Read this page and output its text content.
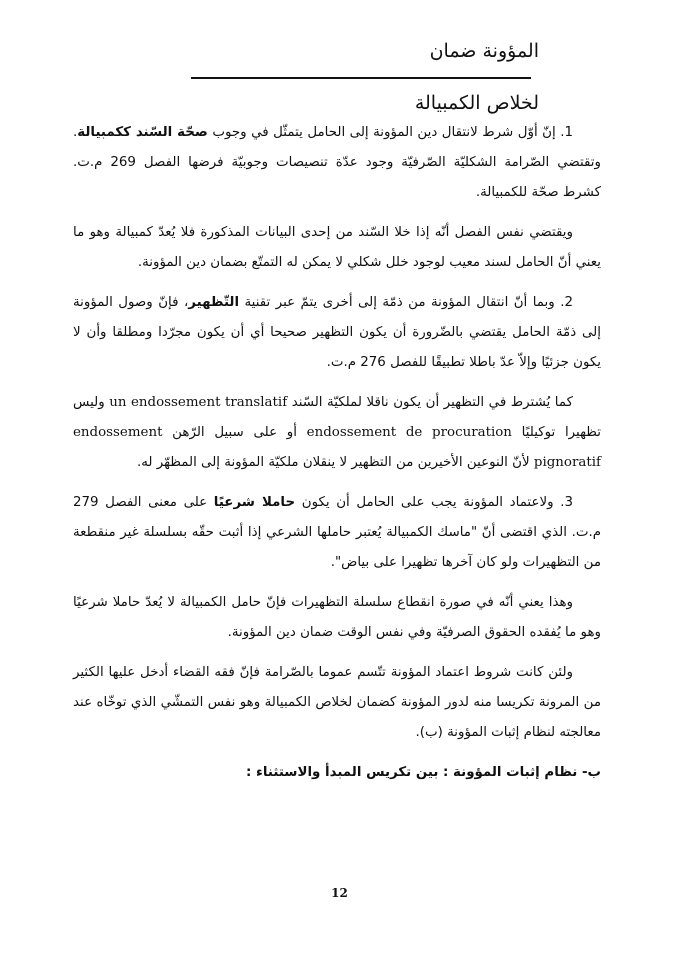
المؤونة ضمان
لخلاص الكمبيالة

1. إنّ أوّل شرط لانتقال دين المؤونة إلى الحامل يتمثّل في وجوب صحّة السّند ككمبيالة. وتقتضي الصّرامة الشكليّة الصّرفيّة وجود عدّة تنصيصات وجوبيّة فرضها الفصل 269 م.ت. كشرط صحّة للكمبيالة.

ويقتضي نفس الفصل أنّه إذا خلا السّند من إحدى البيانات المذكورة فلا يُعدّ كمبيالة وهو ما يعني أنّ الحامل لسند معيب لوجود خلل شكلي لا يمكن له التمتّع بضمان دين المؤونة.

2. وبما أنّ انتقال المؤونة من ذمّة إلى أخرى يتمّ عبر تقنية التّظهير، فإنّ وصول المؤونة إلى ذمّة الحامل يقتضي بالضّرورة أن يكون التظهير صحيحا أي أن يكون مجرّدا ومطلقا وأن لا يكون جزئيًا وإلاّ عدّ باطلا تطبيقًا للفصل 276 م.ت.

كما يُشترط في التظهير أن يكون ناقلا لملكيّة السّند un endossement translatif وليس تظهيرا توكيليًا endossement de procuration أو على سبيل الرّهن endossement pignoratif لأنّ النوعين الأخيرين من التظهير لا ينقلان ملكيّة المؤونة إلى المظهّر له.

3. ولاعتماد المؤونة يجب على الحامل أن يكون حاملا شرعيًا على معنى الفصل 279 م.ت. الذي اقتضى أنّ "ماسك الكمبيالة يُعتبر حاملها الشرعي إذا أثبت حقّه بسلسلة غير منقطعة من التظهيرات ولو كان آخرها تظهيرا على بياض".

وهذا يعني أنّه في صورة انقطاع سلسلة التظهيرات فإنّ حامل الكمبيالة لا يُعدّ حاملا شرعيًا وهو ما يُفقده الحقوق الصرفيّة وفي نفس الوقت ضمان دين المؤونة.

ولئن كانت شروط اعتماد المؤونة تتّسم عموما بالصّرامة فإنّ فقه القضاء أدخل عليها الكثير من المرونة تكريسا منه لدور المؤونة كضمان لخلاص الكمبيالة وهو نفس التمشّي الذي توخّاه عند معالجته لنظام إثبات المؤونة (ب).

ب- نظام إثبات المؤونة : بين تكريس المبدأ والاستثناء :

12
